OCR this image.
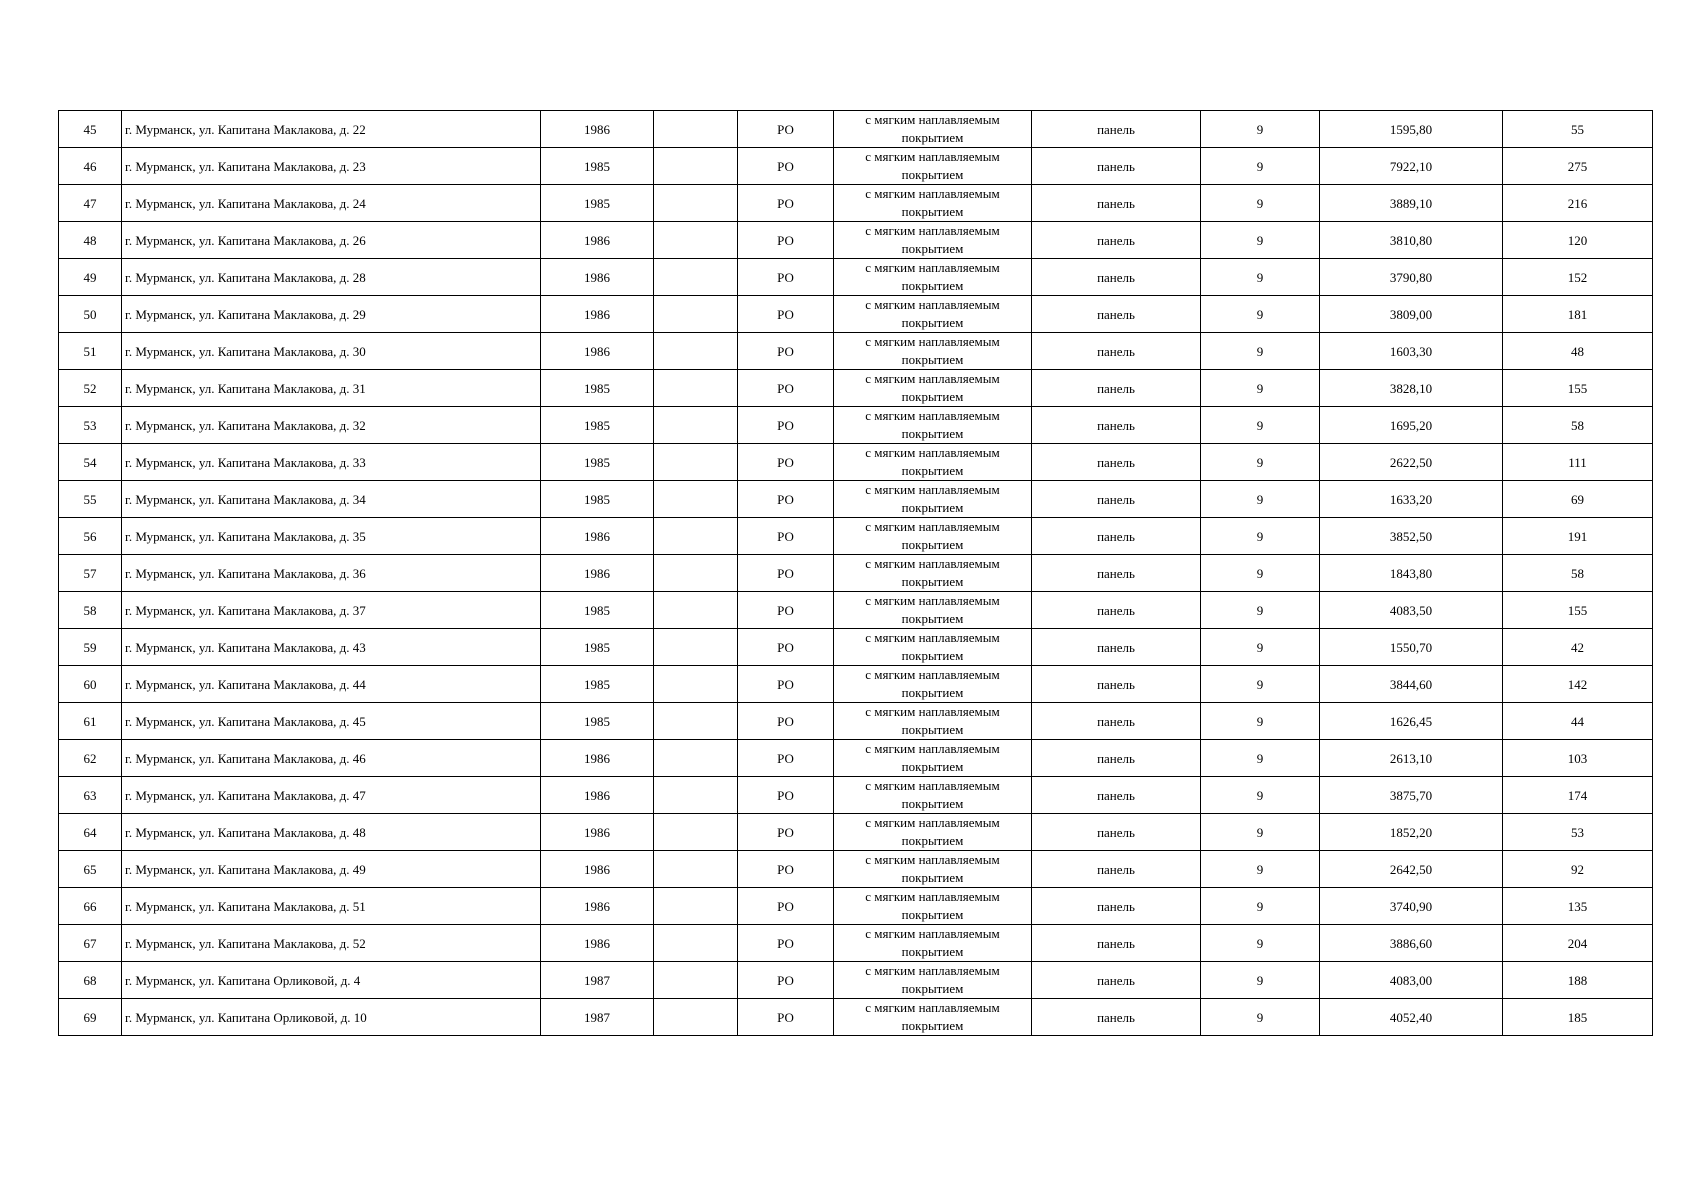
45	г. Мурманск, ул. Капитана Маклакова, д. 22	1986		РО	с мягким наплавляемым покрытием	панель	9	1595,80	55
46	г. Мурманск, ул. Капитана Маклакова, д. 23	1985		РО	с мягким наплавляемым покрытием	панель	9	7922,10	275
47	г. Мурманск, ул. Капитана Маклакова, д. 24	1985		РО	с мягким наплавляемым покрытием	панель	9	3889,10	216
48	г. Мурманск, ул. Капитана Маклакова, д. 26	1986		РО	с мягким наплавляемым покрытием	панель	9	3810,80	120
49	г. Мурманск, ул. Капитана Маклакова, д. 28	1986		РО	с мягким наплавляемым покрытием	панель	9	3790,80	152
50	г. Мурманск, ул. Капитана Маклакова, д. 29	1986		РО	с мягким наплавляемым покрытием	панель	9	3809,00	181
51	г. Мурманск, ул. Капитана Маклакова, д. 30	1986		РО	с мягким наплавляемым покрытием	панель	9	1603,30	48
52	г. Мурманск, ул. Капитана Маклакова, д. 31	1985		РО	с мягким наплавляемым покрытием	панель	9	3828,10	155
53	г. Мурманск, ул. Капитана Маклакова, д. 32	1985		РО	с мягким наплавляемым покрытием	панель	9	1695,20	58
54	г. Мурманск, ул. Капитана Маклакова, д. 33	1985		РО	с мягким наплавляемым покрытием	панель	9	2622,50	111
55	г. Мурманск, ул. Капитана Маклакова, д. 34	1985		РО	с мягким наплавляемым покрытием	панель	9	1633,20	69
56	г. Мурманск, ул. Капитана Маклакова, д. 35	1986		РО	с мягким наплавляемым покрытием	панель	9	3852,50	191
57	г. Мурманск, ул. Капитана Маклакова, д. 36	1986		РО	с мягким наплавляемым покрытием	панель	9	1843,80	58
58	г. Мурманск, ул. Капитана Маклакова, д. 37	1985		РО	с мягким наплавляемым покрытием	панель	9	4083,50	155
59	г. Мурманск, ул. Капитана Маклакова, д. 43	1985		РО	с мягким наплавляемым покрытием	панель	9	1550,70	42
60	г. Мурманск, ул. Капитана Маклакова, д. 44	1985		РО	с мягким наплавляемым покрытием	панель	9	3844,60	142
61	г. Мурманск, ул. Капитана Маклакова, д. 45	1985		РО	с мягким наплавляемым покрытием	панель	9	1626,45	44
62	г. Мурманск, ул. Капитана Маклакова, д. 46	1986		РО	с мягким наплавляемым покрытием	панель	9	2613,10	103
63	г. Мурманск, ул. Капитана Маклакова, д. 47	1986		РО	с мягким наплавляемым покрытием	панель	9	3875,70	174
64	г. Мурманск, ул. Капитана Маклакова, д. 48	1986		РО	с мягким наплавляемым покрытием	панель	9	1852,20	53
65	г. Мурманск, ул. Капитана Маклакова, д. 49	1986		РО	с мягким наплавляемым покрытием	панель	9	2642,50	92
66	г. Мурманск, ул. Капитана Маклакова, д. 51	1986		РО	с мягким наплавляемым покрытием	панель	9	3740,90	135
67	г. Мурманск, ул. Капитана Маклакова, д. 52	1986		РО	с мягким наплавляемым покрытием	панель	9	3886,60	204
68	г. Мурманск, ул. Капитана Орликовой, д. 4	1987		РО	с мягким наплавляемым покрытием	панель	9	4083,00	188
69	г. Мурманск, ул. Капитана Орликовой, д. 10	1987		РО	с мягким наплавляемым покрытием	панель	9	4052,40	185
